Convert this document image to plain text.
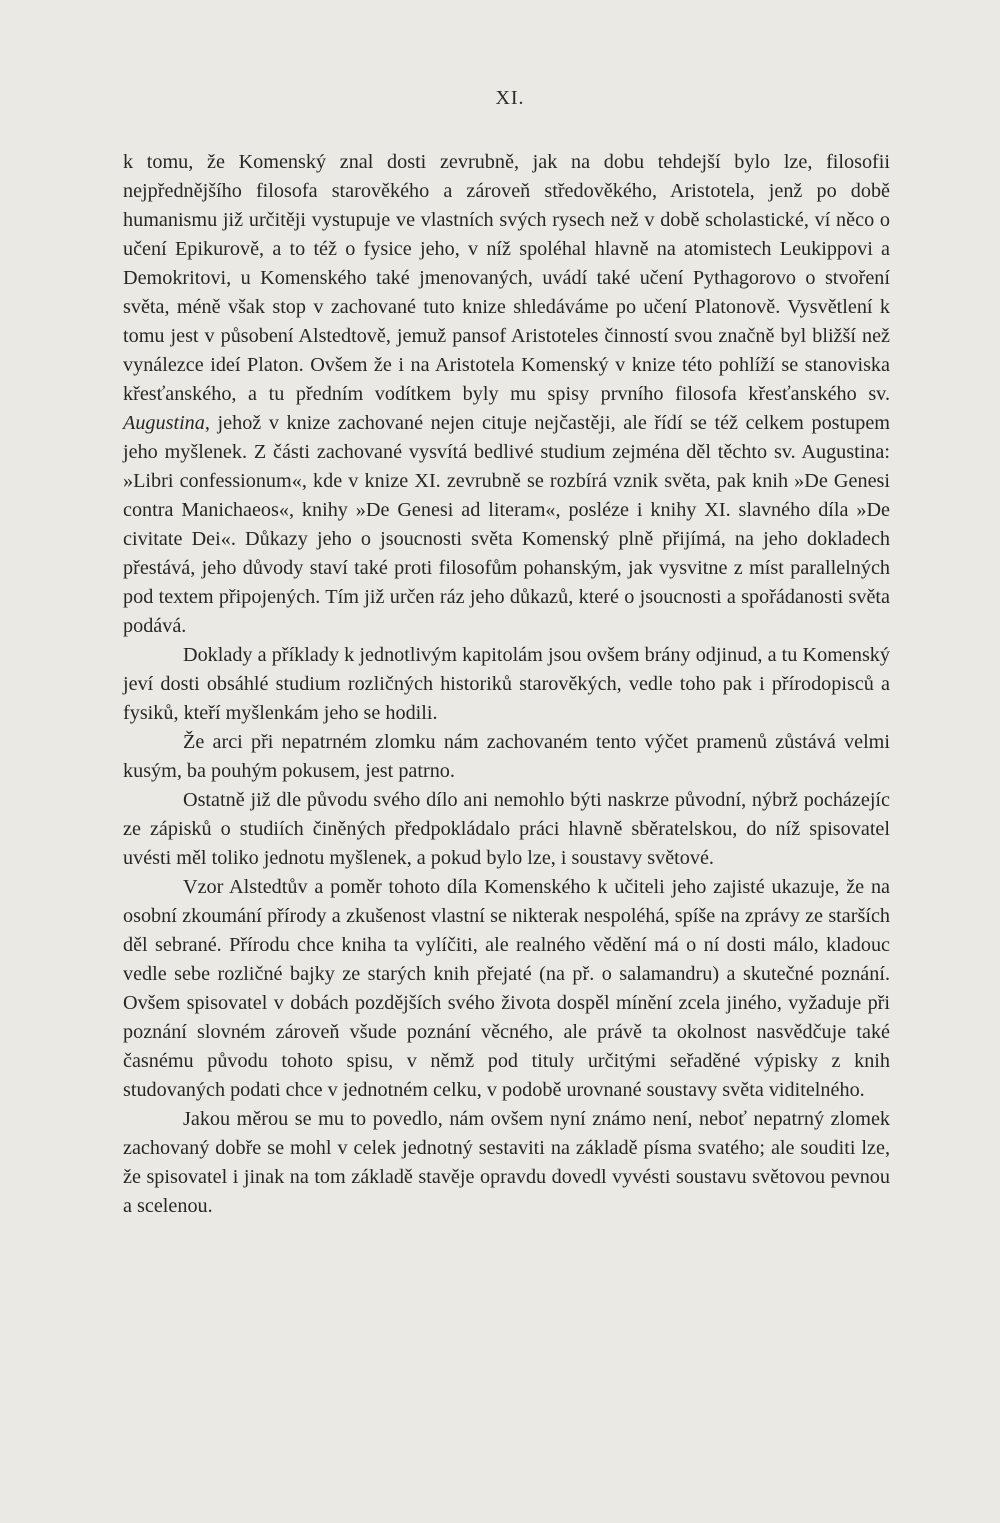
XI.

k tomu, že Komenský znal dosti zevrubně, jak na dobu tehdejší bylo lze, filosofii nejpřednějšího filosofa starověkého a zároveň středověkého, Aristotela, jenž po době humanismu již určitěji vystupuje ve vlastních svých rysech než v době scholastické, ví něco o učení Epikurově, a to též o fysice jeho, v níž spoléhal hlavně na atomistech Leukippovi a Demokritovi, u Komenského také jmenovaných, uvádí také učení Pythagorovo o stvoření světa, méně však stop v zachované tuto knize shledáváme po učení Platonově. Vysvětlení k tomu jest v působení Alstedtově, jemuž pansof Aristoteles činností svou značně byl bližší než vynálezce ideí Platon. Ovšem že i na Aristotela Komenský v knize této pohlíží se stanoviska křesťanského, a tu předním vodítkem byly mu spisy prvního filosofa křesťanského sv. Augustina, jehož v knize zachované nejen cituje nejčastěji, ale řídí se též celkem postupem jeho myšlenek. Z části zachované vysvítá bedlivé studium zejména děl těchto sv. Augustina: »Libri confessionum«, kde v knize XI. zevrubně se rozbírá vznik světa, pak knih »De Genesi contra Manichaeos«, knihy »De Genesi ad literam«, posléze i knihy XI. slavného díla »De civitate Dei«. Důkazy jeho o jsoucnosti světa Komenský plně přijímá, na jeho dokladech přestává, jeho důvody staví také proti filosofům pohanským, jak vysvitne z míst parallelných pod textem připojených. Tím již určen ráz jeho důkazů, které o jsoucnosti a spořádanosti světa podává.

Doklady a příklady k jednotlivým kapitolám jsou ovšem brány odjinud, a tu Komenský jeví dosti obsáhlé studium rozličných historiků starověkých, vedle toho pak i přírodopisců a fysiků, kteří myšlenkám jeho se hodili.

Že arci při nepatrném zlomku nám zachovaném tento výčet pramenů zůstává velmi kusým, ba pouhým pokusem, jest patrno.

Ostatně již dle původu svého dílo ani nemohlo býti naskrze původní, nýbrž pocházejíc ze zápisků o studiích činěných předpokládalo práci hlavně sběratelskou, do níž spisovatel uvésti měl toliko jednotu myšlenek, a pokud bylo lze, i soustavy světové.

Vzor Alstedtův a poměr tohoto díla Komenského k učiteli jeho zajisté ukazuje, že na osobní zkoumání přírody a zkušenost vlastní se nikterak nespoléhá, spíše na zprávy ze starších děl sebrané. Přírodu chce kniha ta vylíčiti, ale realného vědění má o ní dosti málo, kladouc vedle sebe rozličné bajky ze starých knih přejaté (na př. o salamandru) a skutečné poznání. Ovšem spisovatel v dobách pozdějších svého života dospěl mínění zcela jiného, vyžaduje při poznání slovném zároveň všude poznání věcného, ale právě ta okolnost nasvědčuje také časnému původu tohoto spisu, v němž pod tituly určitými seřaděné výpisky z knih studovaných podati chce v jednotném celku, v podobě urovnané soustavy světa viditelného.

Jakou měrou se mu to povedlo, nám ovšem nyní známo není, neboť nepatrný zlomek zachovaný dobře se mohl v celek jednotný sestaviti na základě písma svatého; ale souditi lze, že spisovatel i jinak na tom základě stavěje opravdu dovedl vyvésti soustavu světovou pevnou a scelenou.
